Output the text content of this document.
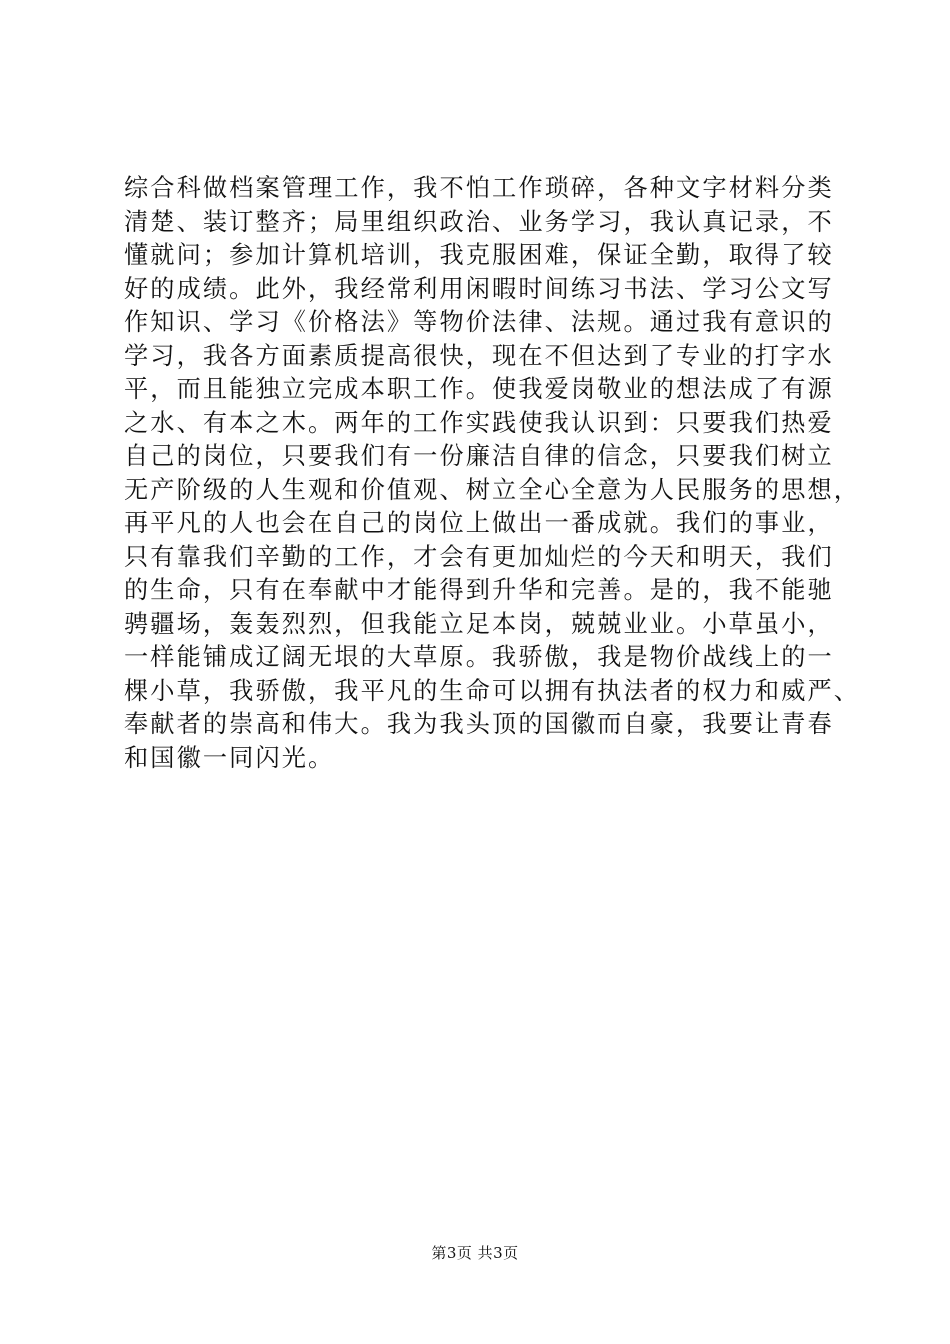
综合科做档案管理工作，我不怕工作琐碎，各种文字材料分类
清楚、装订整齐；局里组织政治、业务学习，我认真记录，不
懂就问；参加计算机培训，我克服困难，保证全勤，取得了较
好的成绩。此外，我经常利用闲暇时间练习书法、学习公文写
作知识、学习《价格法》等物价法律、法规。通过我有意识的
学习，我各方面素质提高很快，现在不但达到了专业的打字水
平，而且能独立完成本职工作。使我爱岗敬业的想法成了有源
之水、有本之木。两年的工作实践使我认识到：只要我们热爱
自己的岗位，只要我们有一份廉洁自律的信念，只要我们树立
无产阶级的人生观和价值观、树立全心全意为人民服务的思想，
再平凡的人也会在自己的岗位上做出一番成就。我们的事业，
只有靠我们辛勤的工作，才会有更加灿烂的今天和明天，我们
的生命，只有在奉献中才能得到升华和完善。是的，我不能驰
骋疆场，轰轰烈烈，但我能立足本岗，兢兢业业。小草虽小，
一样能铺成辽阔无垠的大草原。我骄傲，我是物价战线上的一
棵小草，我骄傲，我平凡的生命可以拥有执法者的权力和威严、
奉献者的崇高和伟大。我为我头顶的国徽而自豪，我要让青春
和国徽一同闪光。
第3页 共3页
